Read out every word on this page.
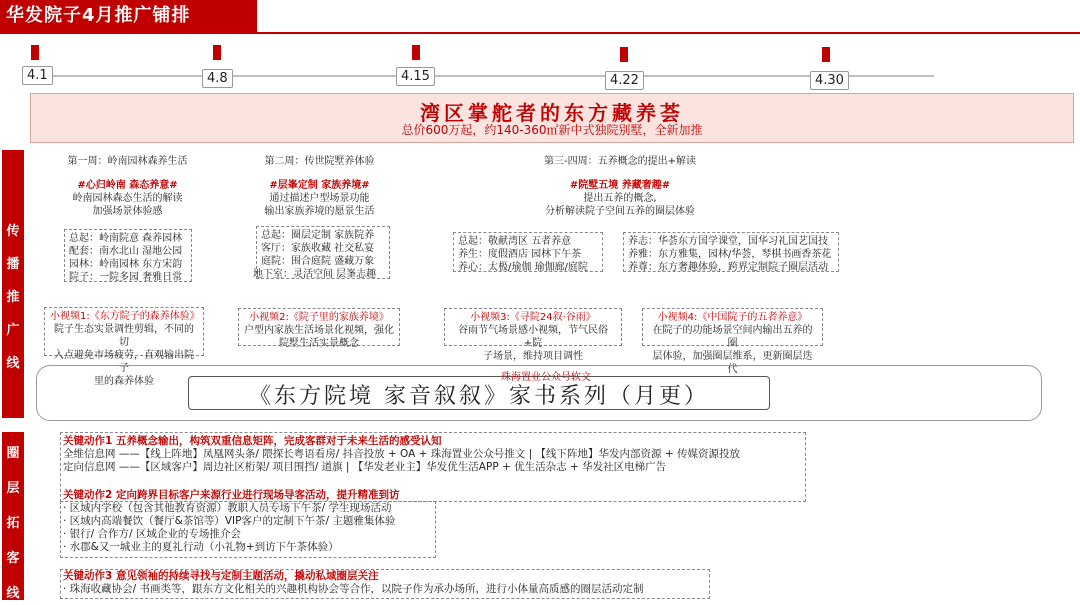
华发院子4月推广铺排
4.1	4.8	4.15	4.22	4.30
湾区掌舵者的东方藏养荟
总价600万起，约140-360㎡新中式独院别墅，全新加推
传
播
推
广
线
第一周：岭南园林森养生活
#心归岭南 森态养意#
岭南园林森态生活的解读
加强场景体验感
第二周：传世院墅养体验
#层峯定制 家族养境#
通过描述户型场景功能
输出家族养境的愿景生活
第三-四周：五养概念的提出+解读
#院墅五境 养藏奢趣#
提出五养的概念,
分析解读院子空间五养的圈层体验
总起：岭南院意 森养园林
配套：南水北山 湿地公园
园林：岭南园林 东方宋韵
院子：一院多园 奢雅日常
总起：圈层定制 家族院养
客厅：家族收藏 社交私宴
庭院：围合庭院 盛藏万象
地下室：灵活空间 层峯志趣
总起：敬献湾区 五者养意
养生：度假酒店 园林下午茶
养心：太极/瑜伽 瑜伽廊/庭院
养志：华荟东方国学课堂，国华习礼国艺国技
养雅：东方雅集，园林/华荟，琴棋书画香茶花
养尊：东方奢趣体验，跨界定制院子圈层活动
小视频1:《东方院子的森养体验》
院子生态实景调性剪辑，不同的切
入点避免市场疲劳，直观输出院子
里的森养体验
小视频2:《院子里的家族养境》
户型内家族生活场景化视频，强化
院墅生活实景概念
小视频3:《寻院24叙·谷雨》
谷雨节气场景感小视频，节气民俗+院
子场景，维持项目调性
小视频4:《中国院子的五者养意》
在院子的功能场景空间内输出五养的圈
层体验，加强圈层维系，更新圈层迭代
珠海置业公众号软文
《东方院境 家音叙叙》家书系列（月更）
圈
层
拓
客
线
关键动作1 五养概念输出，构筑双重信息矩阵，完成客群对于未来生活的感受认知
全维信息网 ——【线上阵地】凤凰网头条/ 隈探长粤语看房/ 抖音投放 + OA + 珠海置业公众号推文 | 【线下阵地】华发内部资源 + 传媒资源投放
定向信息网 ——【区域客户】周边社区桁架/ 项目围挡/ 道旗 | 【华发老业主】华发优生活APP + 优生活杂志 + 华发社区电梯广告
关键动作2 定向跨界目标客户来源行业进行现场导客活动，提升精准到访
· 区域内学校（包含其他教育资源）教职人员专场下午茶/ 学生现场活动
· 区域内高端餐饮（餐厅&茶馆等）VIP客户的定制下午茶/ 主题雅集体验
· 银行/ 合作方/ 区域企业的专场推介会
· 水郡&又一城业主的夏礼行动（小礼物+到访下午茶体验）
关键动作3 意见领袖的持续寻找与定制主题活动，撬动私域圈层关注
· 珠海收藏协会/ 书画类等，跟东方文化相关的兴趣机构协会等合作，以院子作为承办场所，进行小体量高质感的圈层活动定制
